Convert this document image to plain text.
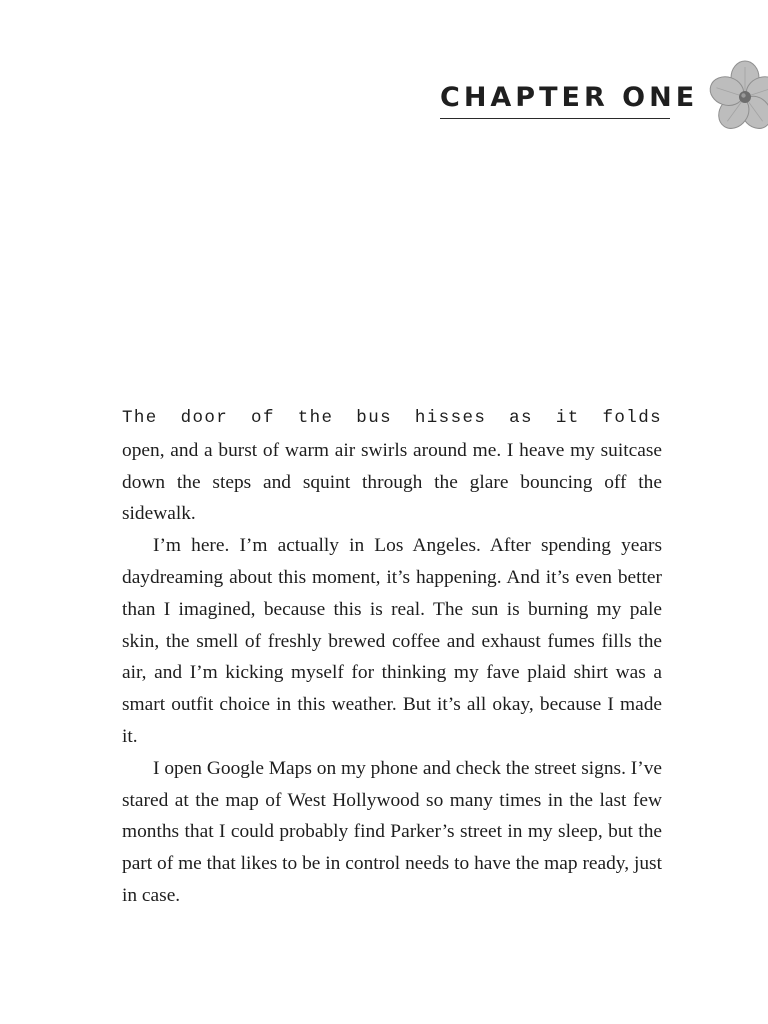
CHAPTER ONE

The door of the bus hisses as it folds open, and a burst of warm air swirls around me. I heave my suitcase down the steps and squint through the glare bouncing off the sidewalk.

I’m here. I’m actually in Los Angeles. After spending years daydreaming about this moment, it’s happening. And it’s even better than I imagined, because this is real. The sun is burning my pale skin, the smell of freshly brewed coffee and exhaust fumes fills the air, and I’m kicking myself for thinking my fave plaid shirt was a smart outfit choice in this weather. But it’s all okay, because I made it.

I open Google Maps on my phone and check the street signs. I’ve stared at the map of West Hollywood so many times in the last few months that I could probably find Parker’s street in my sleep, but the part of me that likes to be in control needs to have the map ready, just in case.
